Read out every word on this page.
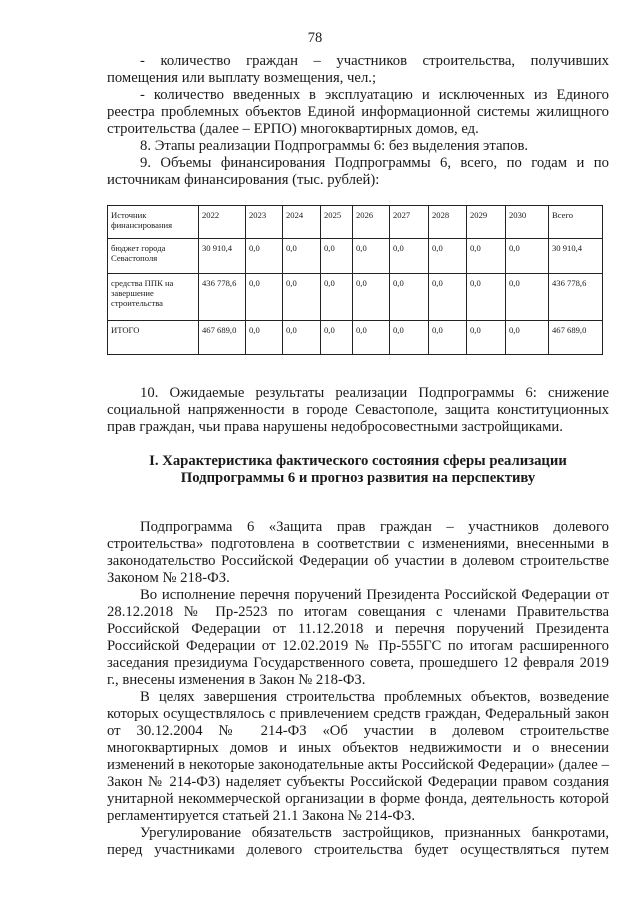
78

- количество граждан – участников строительства, получивших помещения или выплату возмещения, чел.;

- количество введенных в эксплуатацию и исключенных из Единого реестра проблемных объектов Единой информационной системы жилищного строительства (далее – ЕРПО) многоквартирных домов, ед.

8. Этапы реализации Подпрограммы 6: без выделения этапов.

9. Объемы финансирования Подпрограммы 6, всего, по годам и по источникам финансирования (тыс. рублей):

Источник финансирования	2022	2023	2024	2025	2026	2027	2028	2029	2030	Всего
бюджет города Севастополя	30 910,4	0,0	0,0	0,0	0,0	0,0	0,0	0,0	0,0	30 910,4
средства ППК на завершение строительства	436 778,6	0,0	0,0	0,0	0,0	0,0	0,0	0,0	0,0	436 778,6
ИТОГО	467 689,0	0,0	0,0	0,0	0,0	0,0	0,0	0,0	0,0	467 689,0

10. Ожидаемые результаты реализации Подпрограммы 6: снижение социальной напряженности в городе Севастополе, защита конституционных прав граждан, чьи права нарушены недобросовестными застройщиками.

I. Характеристика фактического состояния сферы реализации
Подпрограммы 6 и прогноз развития на перспективу

Подпрограмма 6 «Защита прав граждан – участников долевого строительства» подготовлена в соответствии с изменениями, внесенными в законодательство Российской Федерации об участии в долевом строительстве Законом № 218-ФЗ.

Во исполнение перечня поручений Президента Российской Федерации от 28.12.2018 № Пр-2523 по итогам совещания с членами Правительства Российской Федерации от 11.12.2018 и перечня поручений Президента Российской Федерации от 12.02.2019 № Пр-555ГС по итогам расширенного заседания президиума Государственного совета, прошедшего 12 февраля 2019 г., внесены изменения в Закон № 218-ФЗ.

В целях завершения строительства проблемных объектов, возведение которых осуществлялось с привлечением средств граждан, Федеральный закон от 30.12.2004 № 214-ФЗ «Об участии в долевом строительстве многоквартирных домов и иных объектов недвижимости и о внесении изменений в некоторые законодательные акты Российской Федерации» (далее – Закон № 214-ФЗ) наделяет субъекты Российской Федерации правом создания унитарной некоммерческой организации в форме фонда, деятельность которой регламентируется статьей 21.1 Закона № 214-ФЗ.

Урегулирование обязательств застройщиков, признанных банкротами, перед участниками долевого строительства будет осуществляться путем
